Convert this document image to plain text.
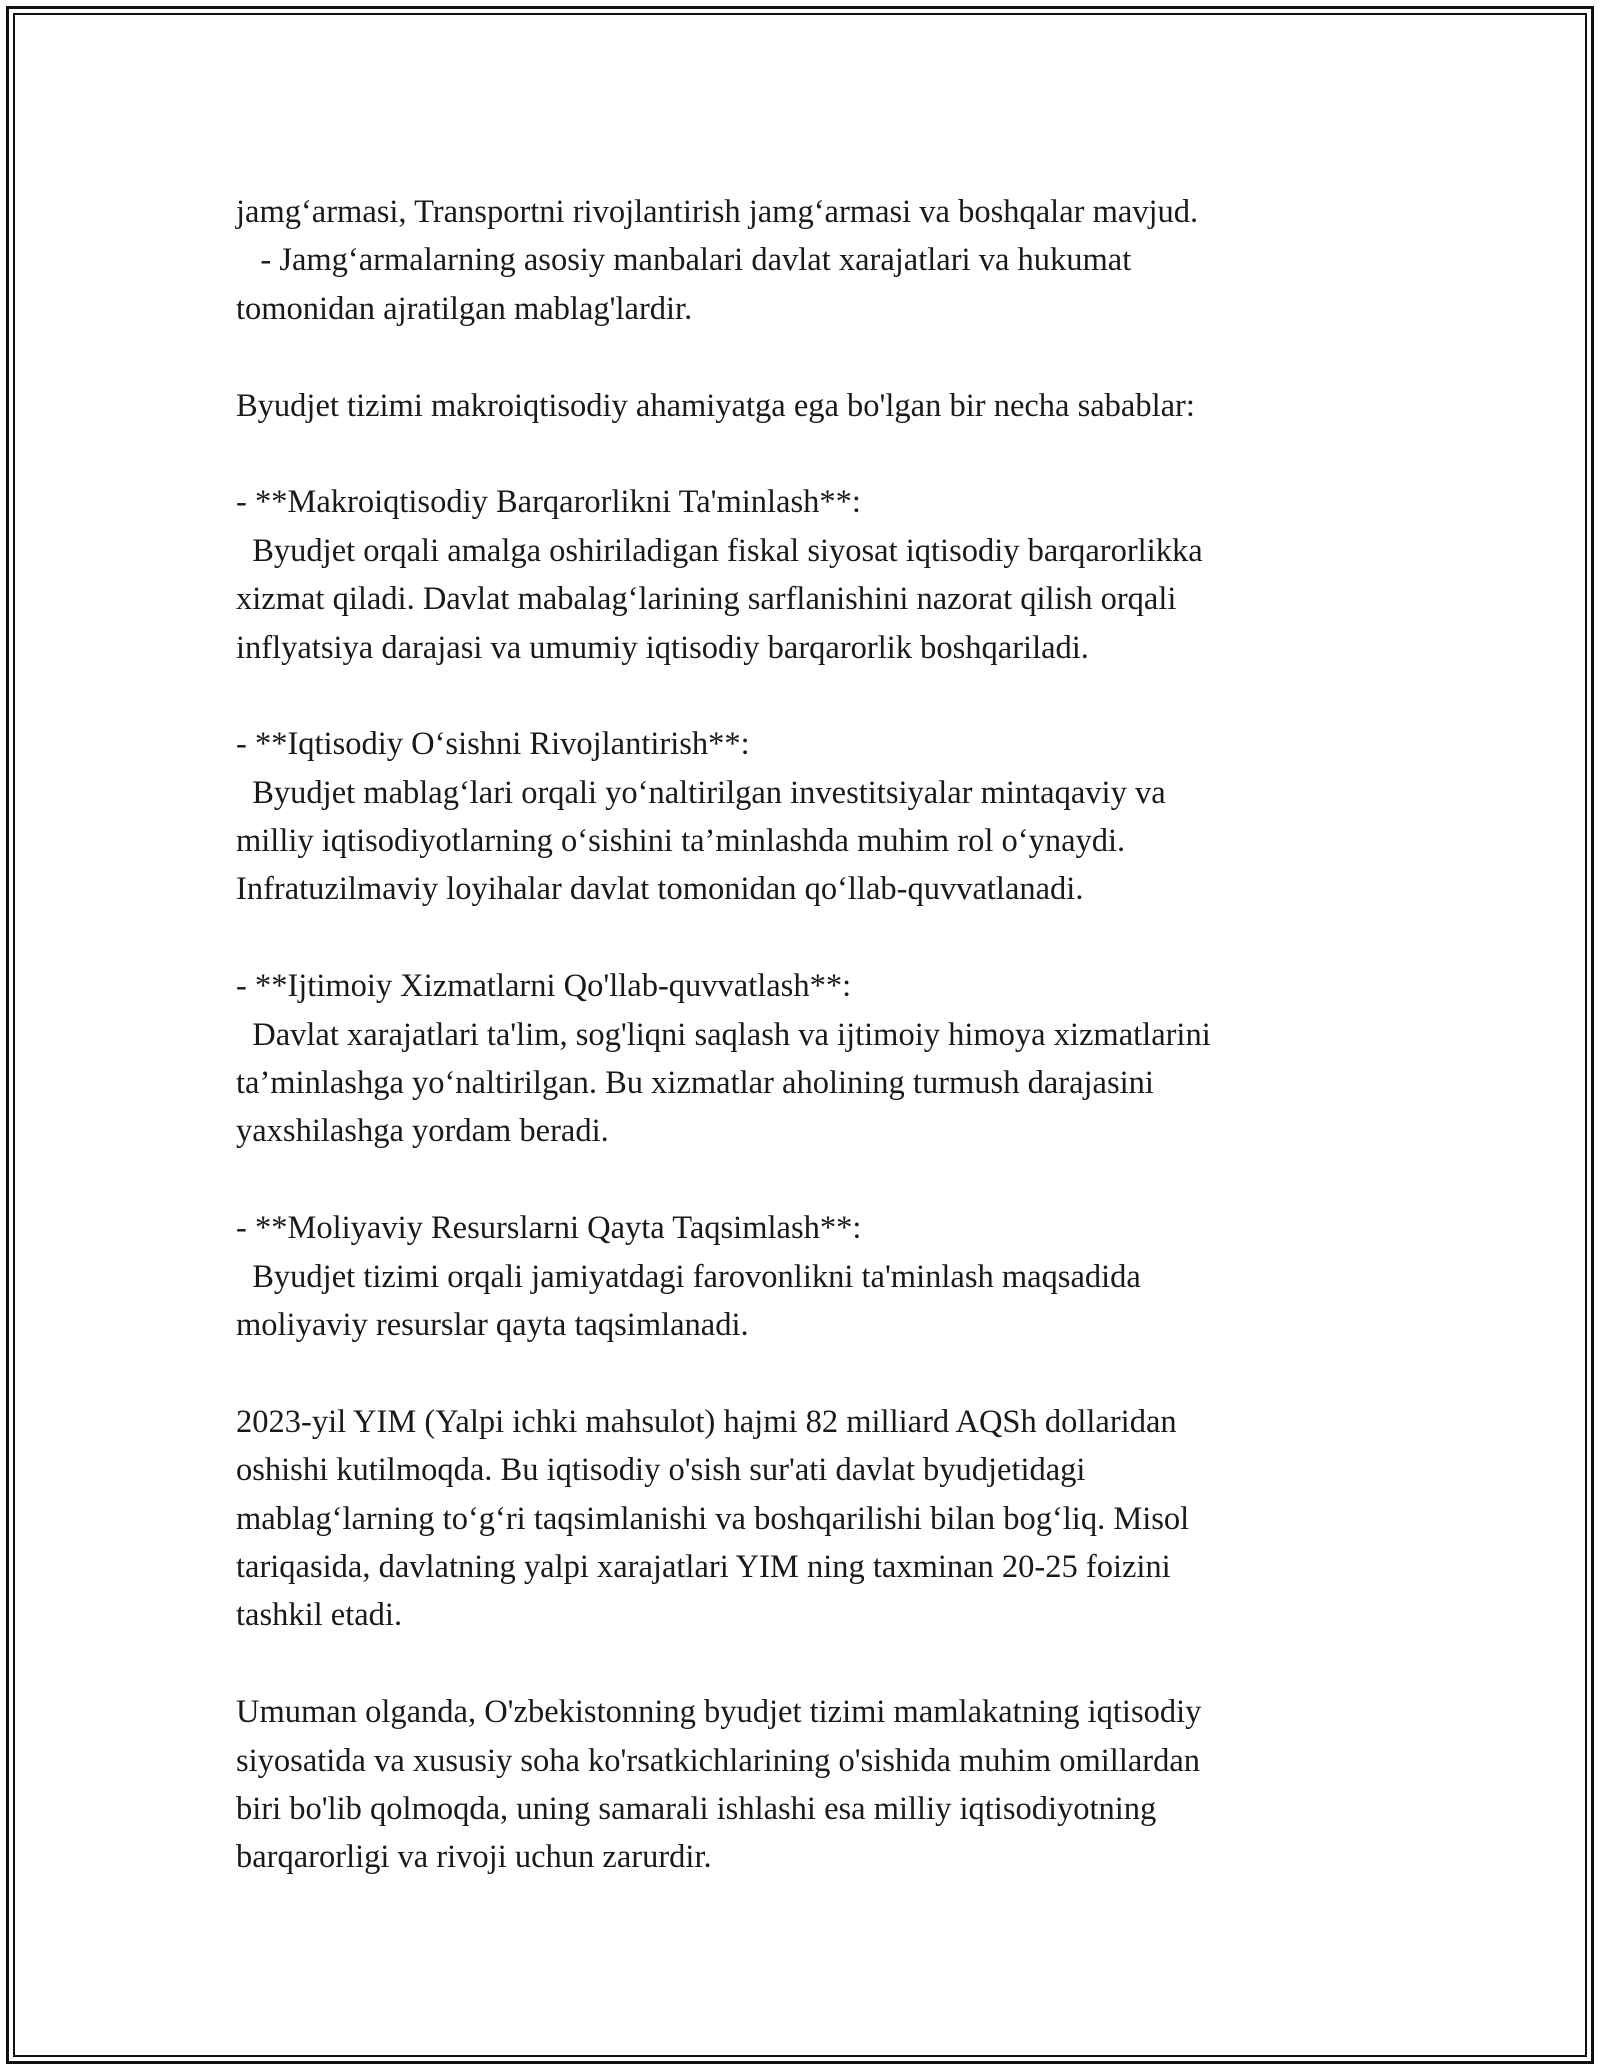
jamg‘armasi, Transportni rivojlantirish jamg‘armasi va boshqalar mavjud.
- Jamg‘armalarning asosiy manbalari davlat xarajatlari va hukumat
tomonidan ajratilgan mablag'lardir.
Byudjet tizimi makroiqtisodiy ahamiyatga ega bo'lgan bir necha sabablar:
- **Makroiqtisodiy Barqarorlikni Ta'minlash**:
Byudjet orqali amalga oshiriladigan fiskal siyosat iqtisodiy barqarorlikka
xizmat qiladi. Davlat mabalag‘larining sarflanishini nazorat qilish orqali
inflyatsiya darajasi va umumiy iqtisodiy barqarorlik boshqariladi.
- **Iqtisodiy O‘sishni Rivojlantirish**:
Byudjet mablag‘lari orqali yo‘naltirilgan investitsiyalar mintaqaviy va
milliy iqtisodiyotlarning o‘sishini ta’minlashda muhim rol o‘ynaydi.
Infratuzilmaviy loyihalar davlat tomonidan qo‘llab-quvvatlanadi.
- **Ijtimoiy Xizmatlarni Qo'llab-quvvatlash**:
Davlat xarajatlari ta'lim, sog'liqni saqlash va ijtimoiy himoya xizmatlarini
ta’minlashga yo‘naltirilgan. Bu xizmatlar aholining turmush darajasini
yaxshilashga yordam beradi.
- **Moliyaviy Resurslarni Qayta Taqsimlash**:
Byudjet tizimi orqali jamiyatdagi farovonlikni ta'minlash maqsadida
moliyaviy resurslar qayta taqsimlanadi.
2023-yil YIM (Yalpi ichki mahsulot) hajmi 82 milliard AQSh dollaridan
oshishi kutilmoqda. Bu iqtisodiy o'sish sur'ati davlat byudjetidagi
mablag‘larning to‘g‘ri taqsimlanishi va boshqarilishi bilan bog‘liq. Misol
tariqasida, davlatning yalpi xarajatlari YIM ning taxminan 20-25 foizini
tashkil etadi.
Umuman olganda, O'zbekistonning byudjet tizimi mamlakatning iqtisodiy
siyosatida va xususiy soha ko'rsatkichlarining o'sishida muhim omillardan
biri bo'lib qolmoqda, uning samarali ishlashi esa milliy iqtisodiyotning
barqarorligi va rivoji uchun zarurdir.
